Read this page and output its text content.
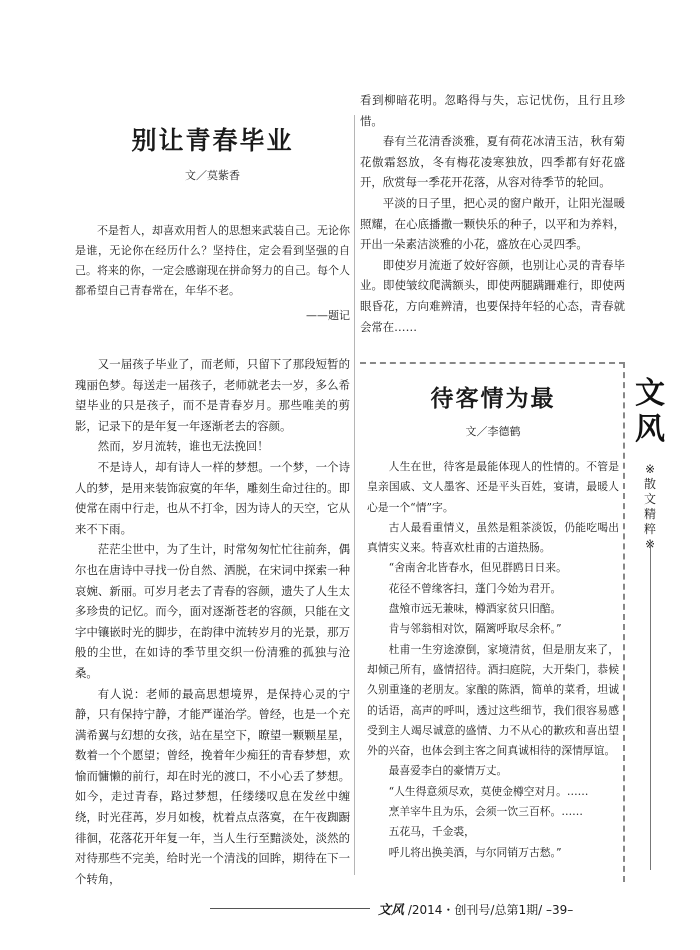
别让青春毕业
文／莫紫香

不是哲人，却喜欢用哲人的思想来武装自己。无论你是谁，无论你在经历什么？坚持住，定会看到坚强的自己。将来的你，一定会感谢现在拼命努力的自己。每个人都希望自己青春常在，年华不老。

——题记

又一届孩子毕业了，而老师，只留下了那段短暂的瑰丽色梦。每送走一届孩子，老师就老去一岁，多么希望毕业的只是孩子，而不是青春岁月。那些唯美的剪影，记录下的是年复一年逐渐老去的容颜。

然而，岁月流转，谁也无法挽回！

不是诗人，却有诗人一样的梦想。一个梦，一个诗人的梦，是用来装饰寂寞的年华，雕刻生命过往的。即使常在雨中行走，也从不打伞，因为诗人的天空，它从来不下雨。

茫茫尘世中，为了生计，时常匆匆忙忙往前奔，偶尔也在唐诗中寻找一份自然、洒脱，在宋词中探索一种哀婉、新丽。可岁月老去了青春的容颜，遗失了人生太多珍贵的记忆。而今，面对逐渐苍老的容颜，只能在文字中镶嵌时光的脚步，在韵律中流转岁月的光景，那万般的尘世，在如诗的季节里交织一份清雅的孤独与沧桑。

有人说：老师的最高思想境界，是保持心灵的宁静，只有保持宁静，才能严谨治学。曾经，也是一个充满希翼与幻想的女孩，站在星空下，瞭望一颗颗星星，数着一个个愿望；曾经，挽着年少痴狂的青春梦想，欢愉而慵懒的前行，却在时光的渡口，不小心丢了梦想。如今，走过青春，路过梦想，任缕缕叹息在发丝中缠绕，时光荏苒，岁月如梭，枕着点点落寞，在午夜踟蹰徘徊，花落花开年复一年，当人生行至黯淡处，淡然的对待那些不完美，给时光一个清浅的回眸，期待在下一个转角，

看到柳暗花明。忽略得与失，忘记忧伤，且行且珍惜。

春有兰花清香淡雅，夏有荷花冰清玉洁，秋有菊花傲霜怒放，冬有梅花凌寒独放，四季都有好花盛开，欣赏每一季花开花落，从容对待季节的轮回。

平淡的日子里，把心灵的窗户敞开，让阳光湿暖照耀，在心底播撒一颗快乐的种子，以平和为养料，开出一朵素洁淡雅的小花，盛放在心灵四季。

即使岁月流逝了姣好容颜，也别让心灵的青春毕业。即使皱纹爬满额头，即使两腿蹒跚难行，即使两眼昏花，方向难辨清，也要保持年轻的心态，青春就会常在……

待客情为最
文／李德鹤

人生在世，待客是最能体现人的性情的。不管是皇亲国戚、文人墨客、还是平头百姓，宴请，最暖人心是一个“情”字。

古人最看重情义，虽然是粗茶淡饭，仍能吃喝出真情实义来。特喜欢杜甫的古道热肠。

“舍南舍北皆春水，但见群鸥日日来。

花径不曾缘客扫，蓬门今始为君开。

盘飧市远无兼味，樽酒家贫只旧醅。

肯与邻翁相对饮，隔篱呼取尽余杯。”

杜甫一生穷途潦倒，家境清贫，但是朋友来了，却倾己所有，盛情招待。酒扫庭院，大开柴门，恭候久别重逢的老朋友。家酿的陈酒，简单的菜肴，坦诚的话语，高声的呼叫，透过这些细节，我们很容易感受到主人竭尽诚意的盛情、力不从心的歉疚和喜出望外的兴奋，也体会到主客之间真诚相待的深情厚谊。

最喜爱李白的豪情万丈。

“人生得意须尽欢，莫使金樽空对月。……

烹羊宰牛且为乐，会须一饮三百杯。……

五花马，千金裘，

呼儿将出换美酒，与尔同销万古愁。”

文
风
※
散
文
精
粹
※
文风 /2014・创刊号/总第1期/ –39–
